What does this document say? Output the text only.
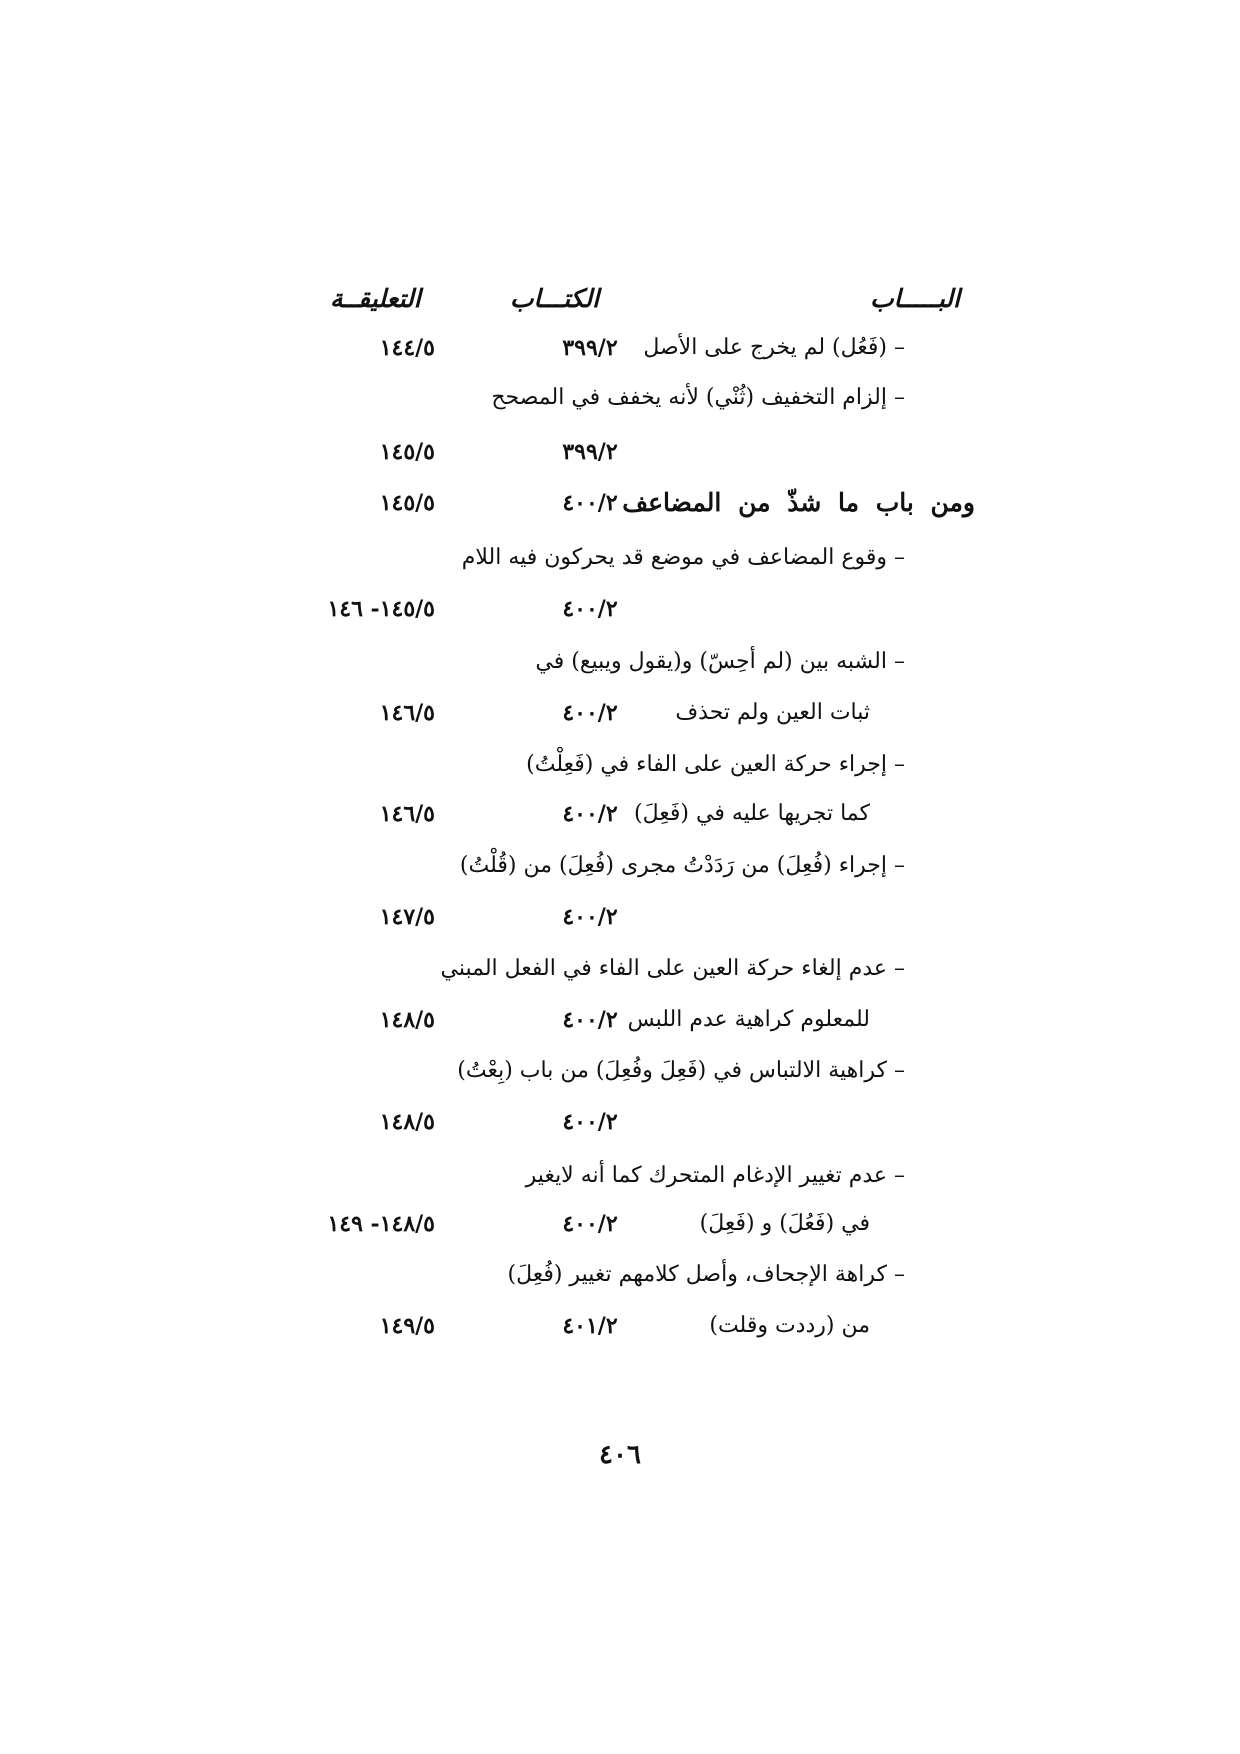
البـــــاب
الكتـــاب
التعليقــة
– (فَعُل) لم يخرج على الأصل
٣٩٩/٢
١٤٤/٥
– إلزام التخفيف (ثُنْي) لأنه يخفف في المصحح
٣٩٩/٢
١٤٥/٥
ومن باب ما شذّ من المضاعف
٤٠٠/٢
١٤٥/٥
– وقوع المضاعف في موضع قد يحركون فيه اللام
٤٠٠/٢
١٤٥/٥- ١٤٦
– الشبه بين (لم أحِسّ) و(يقول ويبيع) في
ثبات العين ولم تحذف
٤٠٠/٢
١٤٦/٥
– إجراء حركة العين على الفاء في (فَعِلْتُ)
كما تجريها عليه في (فَعِلَ)
٤٠٠/٢
١٤٦/٥
– إجراء (فُعِلَ) من رَدَدْتُ مجرى (فُعِلَ) من (قُلْتُ)
٤٠٠/٢
١٤٧/٥
– عدم إلغاء حركة العين على الفاء في الفعل المبني
للمعلوم كراهية عدم اللبس
٤٠٠/٢
١٤٨/٥
– كراهية الالتباس في (فَعِلَ وفُعِلَ) من باب (بِعْتُ)
٤٠٠/٢
١٤٨/٥
– عدم تغيير الإدغام المتحرك كما أنه لايغير
في (فَعُلَ) و (فَعِلَ)
٤٠٠/٢
١٤٨/٥- ١٤٩
– كراهة الإجحاف، وأصل كلامهم تغيير (فُعِلَ)
من (رددت وقلت)
٤٠١/٢
١٤٩/٥
٤٠٦
